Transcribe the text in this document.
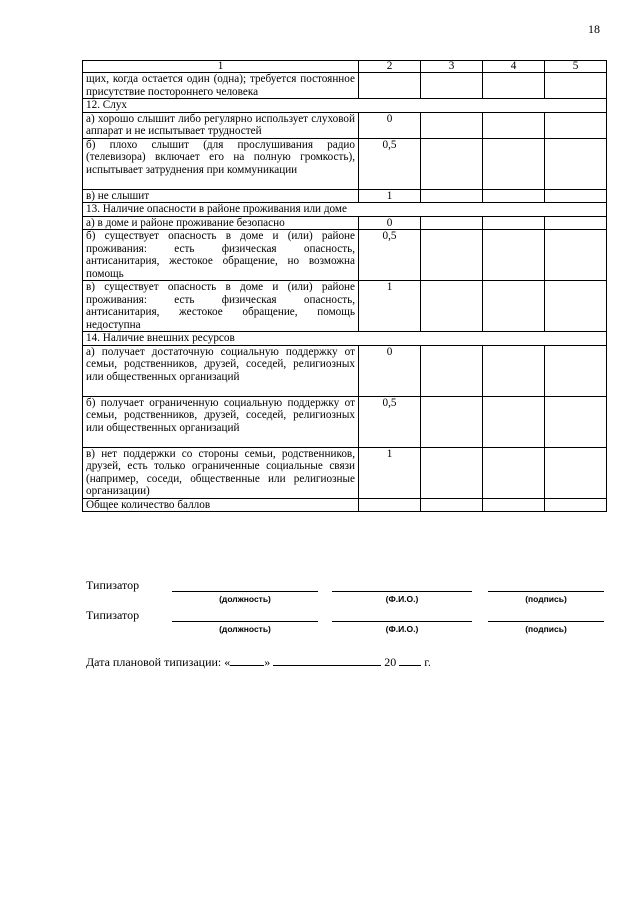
18
1	2	3	4	5
щих, когда остается один (одна); требуется постоянное присутствие постороннего человека				
12. Слух				
а) хорошо слышит либо регулярно использует слуховой аппарат и не испытывает трудностей	0			
б) плохо слышит (для прослушивания радио (телевизора) включает его на полную громкость), испытывает затруднения при коммуникации	0,5			
в) не слышит	1			
13. Наличие опасности в районе проживания или доме				
а) в доме и районе проживание безопасно	0			
б) существует опасность в доме и (или) районе проживания: есть физическая опасность, антисанитария, жестокое обращение, но возможна помощь	0,5			
в) существует опасность в доме и (или) районе проживания: есть физическая опасность, антисанитария, жестокое обращение, помощь недоступна	1			
14. Наличие внешних ресурсов				
а) получает достаточную социальную поддержку от семьи, родственников, друзей, соседей, религиозных или общественных организаций	0			
б) получает ограниченную социальную поддержку от семьи, родственников, друзей, соседей, религиозных или общественных организаций	0,5			
в) нет поддержки со стороны семьи, родственников, друзей, есть только ограниченные социальные связи (например, соседи, общественные или религиозные организации)	1			
Общее количество баллов				
Типизатор
(должность)	(Ф.И.О.)	(подпись)
Типизатор
(должность)	(Ф.И.О.)	(подпись)
Дата плановой типизации: «	»	20 г.
